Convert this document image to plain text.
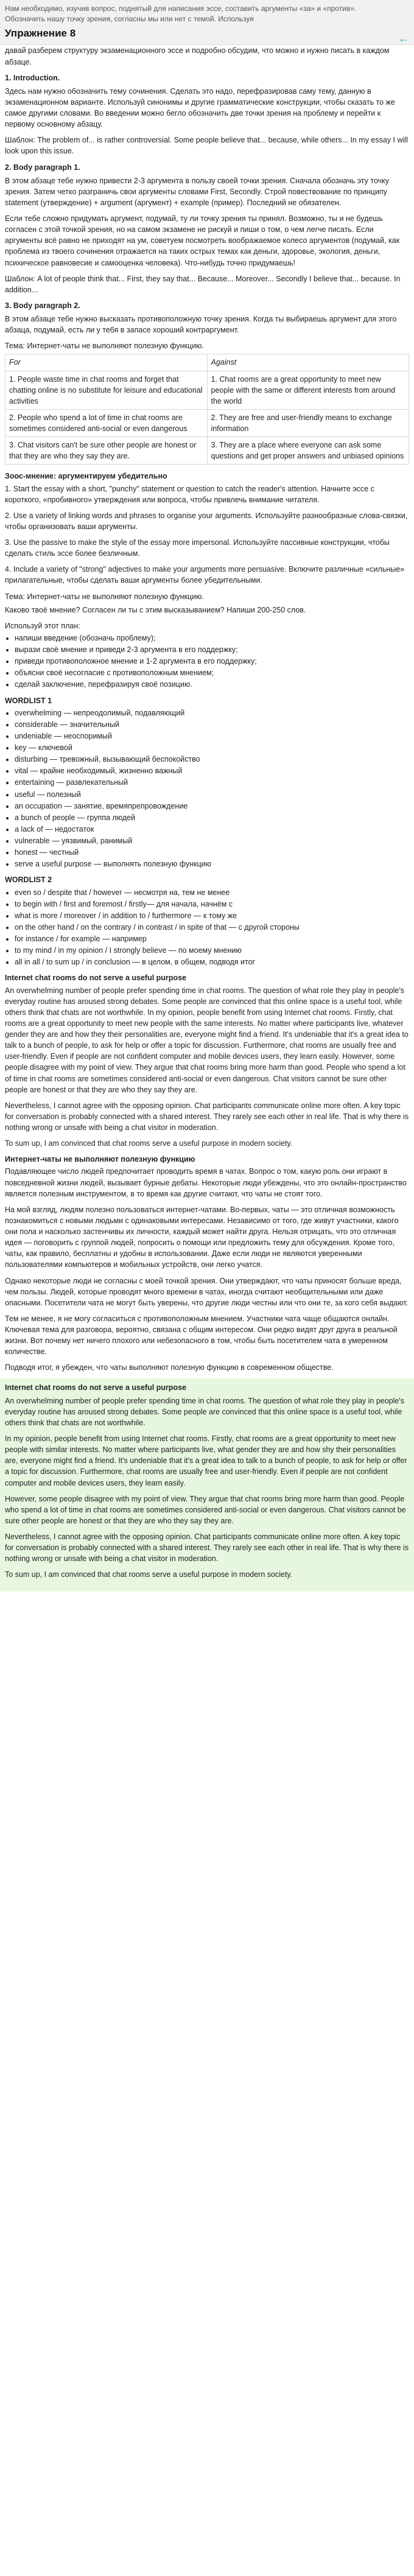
Нам необходимо, изучив вопрос, поднятый для написания эссе, составить аргументы «за» и «против». Обозначить нашу точку зрения, согласны мы или нет с темой. Используя
Упражнение 8	←

давай разберем структуру экзаменационного эссе и подробно обсудим, что можно и нужно писать в каждом абзаце.

1. Introduction.

Здесь нам нужно обозначить тему сочинения. Сделать это надо, перефразировав саму тему, данную в экзаменационном варианте. Используй синонимы и другие грамматические конструкции, чтобы сказать то же самое другими словами. Во введении можно бегло обозначить две точки зрения на проблему и перейти к первому основному абзацу.

Шаблон: The problem of... is rather controversial. Some people believe that... because, while others... In my essay I will look upon this issue.

2. Body paragraph 1.

В этом абзаце тебе нужно привести 2-3 аргумента в пользу своей точки зрения. Сначала обозначь эту точку зрения. Затем четко разграничь свои аргументы словами First, Secondly. Стрoй повествование по принципу statement (утверждение) + argument (аргумент) + example (пример). Последний не обязателен.

Если тебе сложно придумать аргумент, подумай, ту ли точку зрения ты принял. Возможно, ты и не будешь согласен с этой точкой зрения, но на самом экзамене не рискуй и пиши о том, о чем легче писать. Если аргументы всё равно не приходят на ум, советуем посмотреть воображаемое колесо аргументов (подумай, как проблема из твоего сочинения отражается на таких острых темах как деньги, здоровье, экология, деньги, психическое равновесие и самооценка человека). Что-нибудь точно придумаешь!

Шаблон: A lot of people think that... First, they say that... Because... Moreover... Secondly I believe that... because. In addition...

3. Body paragraph 2.

В этом абзаце тебе нужно высказать противоположную точку зрения. Когда ты выбираешь аргумент для этого абзаца, подумай, есть ли у тебя в запасе хороший контраргумент.

Тема: Интернет-чаты не выполняют полезную функцию.
For	Against
1. People waste time in chat rooms and forget that chatting online is no substitute for leisure and educational activities	1. Chat rooms are a great opportunity to meet new people with the same or different interests from around the world
2. People who spend a lot of time in chat rooms are sometimes considered anti-social or even dangerous	2. They are free and user-friendly means to exchange information
3. Chat visitors can't be sure other people are honest or that they are who they say they are.	3. They are a place where everyone can ask some questions and get proper answers and unbiased opinions
Зоос-мнение: аргументируем убедительно

1. Start the essay with a short, "punchy" statement or question to catch the reader's attention. Начните эссе с короткого, «пробивного» утверждения или вопроса, чтобы привлечь внимание читателя.

2. Use a variety of linking words and phrases to organise your arguments. Используйте разнообразные слова-связки, чтобы организовать ваши аргументы.

3. Use the passive to make the style of the essay more impersonal. Используйте пассивные конструкции, чтобы сделать стиль эссе более безличным.

4. Include a variety of "strong" adjectives to make your arguments more persuasive. Включите различные «сильные» прилагательные, чтобы сделать ваши аргументы более убедительными.

Тема: Интернет-чаты не выполняют полезную функцию.

Каково твоё мнение? Согласен ли ты с этим высказыванием? Напиши 200-250 слов.

Используй этот план:
• напиши введение (обозначь проблему);
• вырази своё мнение и приведи 2-3 аргумента в его поддержку;
• приведи противоположное мнение и 1-2 аргумента в его поддержку;
• объясни своё несогласие с противоположным мнением;
• сделай заключение, перефразируя своё позицию.
WORDLIST 1
• overwhelming — непреодолимый, подавляющий
• considerable — значительный
• undeniable — неоспоримый
• key — ключевой
• disturbing — тревожный, вызывающий беспокойство
• vital — крайне необходимый, жизненно важный
• entertaining — развлекательный
• useful — полезный
• an occupation — занятие, времяпрепровождение
• a bunch of people — группа людей
• a lack of — недостаток
• vulnerable — уязвимый, ранимый
• honest — честный
• serve a useful purpose — выполнять полезную функцию
WORDLIST 2
• even so / despite that / however — несмотря на, тем не менее
• to begin with / first and foremost / firstly— для начала, начнём с
• what is more / moreover / in addition to / furthermore — к тому же
• on the other hand / on the contrary / in contrast / in spite of that — с другой стороны
• for instance / for example — например
• to my mind / in my opinion / I strongly believe — по моему мнению
• all in all / to sum up / in conclusion — в целом, в общем, подводя итог
Internet chat rooms do not serve a useful purpose

An overwhelming number of people prefer spending time in chat rooms. The question of what role they play in people's everyday routine has aroused strong debates. Some people are convinced that this online space is a useful tool, while others think that chats are not worthwhile. In my opinion, people benefit from using Internet chat rooms. Firstly, chat rooms are a great opportunity to meet new people with the same interests. No matter where participants live, whatever gender they are and how they their personalities are, everyone might find a friend. It's undeniable that it's a great idea to talk to a bunch of people, to ask for help or offer a topic for discussion. Furthermore, chat rooms are usually free and user-friendly. Even if people are not confident computer and mobile devices users, they learn easily. However, some people disagree with my point of view. They argue that chat rooms bring more harm than good. People who spend a lot of time in chat rooms are sometimes considered anti-social or even dangerous. Chat visitors cannot be sure other people are honest or that they are who they say they are.

Nevertheless, I cannot agree with the opposing opinion. Chat participants communicate online more often. A key topic for conversation is probably connected with a shared interest. They rarely see each other in real life. That is why there is nothing wrong or unsafe with being a chat visitor in moderation.

To sum up, I am convinced that chat rooms serve a useful purpose in modern society.

Интернет-чаты не выполняют полезную функцию

Подавляющее число людей предпочитает проводить время в чатах. Вопрос о том, какую роль они играют в повседневной жизни людей, вызывает бурные дебаты. Некоторые люди убеждены, что это онлайн-пространство является полезным инструментом, в то время как другие считают, что чаты не стоят того.

На мой взгляд, людям полезно пользоваться интернет-чатами. Во-первых, чаты — это отличная возможность познакомиться с новыми людьми с одинаковыми интересами. Независимо от того, где живут участники, какого они пола и насколько застенчивы их личности, каждый может найти друга. Нельзя отрицать, что это отличная идея — поговорить с группой людей, попросить о помощи или предложить тему для обсуждения. Кроме того, чаты, как правило, бесплатны и удобны в использовании. Даже если люди не являются уверенными пользователями компьютеров и мобильных устройств, они легко учатся.

Однако некоторые люди не согласны с моей точкой зрения. Они утверждают, что чаты приносят больше вреда, чем пользы. Людей, которые проводят много времени в чатах, иногда считают необщительными или даже опасными. Посетители чата не могут быть уверены, что другие люди честны или что они те, за кого себя выдают.

Тем не менее, я не могу согласиться с противоположным мнением. Участники чата чаще общаются онлайн. Ключевая тема для разговора, вероятно, связана с общим интересом. Они редко видят друг друга в реальной жизни. Вот почему нет ничего плохого или небезопасного в том, чтобы быть посетителем чата в умеренном количестве.

Подводя итог, я убежден, что чаты выполняют полезную функцию в современном обществе.

Internet chat rooms do not serve a useful purpose

An overwhelming number of people prefer spending time in chat rooms. The question of what role they play in people's everyday routine has aroused strong debates. Some people are convinced that this online space is a useful tool, while others think that chats are not worthwhile.

In my opinion, people benefit from using Internet chat rooms. Firstly, chat rooms are a great opportunity to meet new people with similar interests. No matter where participants live, what gender they are and how shy their personalities are, everyone might find a friend. It's undeniable that it's a great idea to talk to a bunch of people, to ask for help or offer a topic for discussion. Furthermore, chat rooms are usually free and user-friendly. Even if people are not confident computer and mobile devices users, they learn easily.

However, some people disagree with my point of view. They argue that chat rooms bring more harm than good. People who spend a lot of time in chat rooms are sometimes considered anti-social or even dangerous. Chat visitors cannot be sure other people are honest or that they are who they say they are.

Nevertheless, I cannot agree with the opposing opinion. Chat participants communicate online more often. A key topic for conversation is probably connected with a shared interest. They rarely see each other in real life. That is why there is nothing wrong or unsafe with being a chat visitor in moderation.

To sum up, I am convinced that chat rooms serve a useful purpose in modern society.
